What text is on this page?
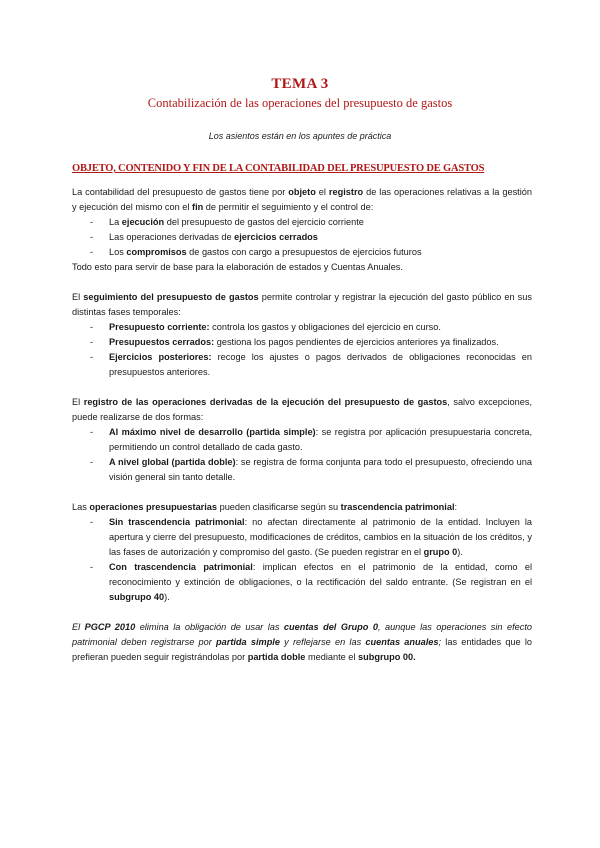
TEMA 3
Contabilización de las operaciones del presupuesto de gastos
Los asientos están en los apuntes de práctica
OBJETO, CONTENIDO Y FIN DE LA CONTABILIDAD DEL PRESUPUESTO DE GASTOS

La contabilidad del presupuesto de gastos tiene por objeto el registro de las operaciones relativas a la gestión y ejecución del mismo con el fin de permitir el seguimiento y el control de:

- La ejecución del presupuesto de gastos del ejercicio corriente
- Las operaciones derivadas de ejercicios cerrados
- Los compromisos de gastos con cargo a presupuestos de ejercicios futuros

Todo esto para servir de base para la elaboración de estados y Cuentas Anuales.

El seguimiento del presupuesto de gastos permite controlar y registrar la ejecución del gasto público en sus distintas fases temporales:

- Presupuesto corriente: controla los gastos y obligaciones del ejercicio en curso.
- Presupuestos cerrados: gestiona los pagos pendientes de ejercicios anteriores ya finalizados.
- Ejercicios posteriores: recoge los ajustes o pagos derivados de obligaciones reconocidas en presupuestos anteriores.

El registro de las operaciones derivadas de la ejecución del presupuesto de gastos, salvo excepciones, puede realizarse de dos formas:

- Al máximo nivel de desarrollo (partida simple): se registra por aplicación presupuestaria concreta, permitiendo un control detallado de cada gasto.
- A nivel global (partida doble): se registra de forma conjunta para todo el presupuesto, ofreciendo una visión general sin tanto detalle.

Las operaciones presupuestarias pueden clasificarse según su trascendencia patrimonial:

- Sin trascendencia patrimonial: no afectan directamente al patrimonio de la entidad. Incluyen la apertura y cierre del presupuesto, modificaciones de créditos, cambios en la situación de los créditos, y las fases de autorización y compromiso del gasto. (Se pueden registrar en el grupo 0).
- Con trascendencia patrimonial: implican efectos en el patrimonio de la entidad, como el reconocimiento y extinción de obligaciones, o la rectificación del saldo entrante. (Se registran en el subgrupo 40).

El PGCP 2010 elimina la obligación de usar las cuentas del Grupo 0, aunque las operaciones sin efecto patrimonial deben registrarse por partida simple y reflejarse en las cuentas anuales; las entidades que lo prefieran pueden seguir registrándolas por partida doble mediante el subgrupo 00.
